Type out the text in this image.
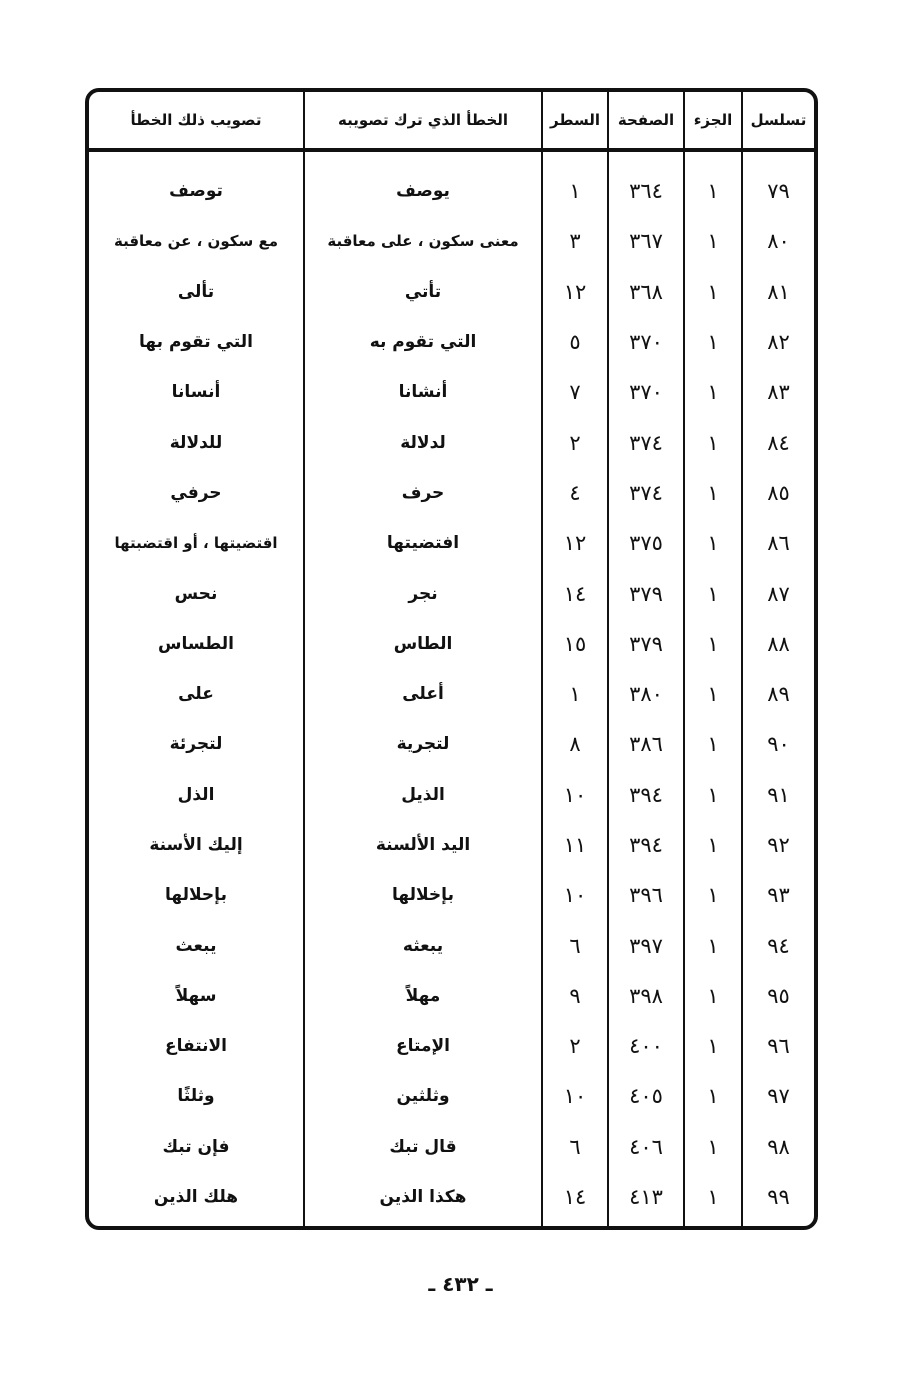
تسلسل	الجزء	الصفحة	السطر	الخطأ الذي ترك تصويبه	تصويب ذلك الخطأ

٧٩	١	٣٦٤	١	يوصف	توصف
٨٠	١	٣٦٧	٣	معنى سكون ، على معاقبة	مع سكون ، عن معاقبة
٨١	١	٣٦٨	١٢	تأتي	تألى
٨٢	١	٣٧٠	٥	التي تقوم به	التي تقوم بها
٨٣	١	٣٧٠	٧	أنشانا	أنسانا
٨٤	١	٣٧٤	٢	لدلالة	للدلالة
٨٥	١	٣٧٤	٤	حرف	حرفي
٨٦	١	٣٧٥	١٢	افتضيتها	اقتضيتها ، أو اقتضبتها
٨٧	١	٣٧٩	١٤	نجر	نحس
٨٨	١	٣٧٩	١٥	الطاس	الطساس
٨٩	١	٣٨٠	١	أعلى	على
٩٠	١	٣٨٦	٨	لتجرية	لتجرئة
٩١	١	٣٩٤	١٠	الذيل	الذل
٩٢	١	٣٩٤	١١	اليد الألسنة	إليك الأسنة
٩٣	١	٣٩٦	١٠	بإخلالها	بإحلالها
٩٤	١	٣٩٧	٦	يبعثه	يبعث
٩٥	١	٣٩٨	٩	مهلاً	سهلاً
٩٦	١	٤٠٠	٢	الإمتاع	الانتفاع
٩٧	١	٤٠٥	١٠	وثلثين	وثلثًا
٩٨	١	٤٠٦	٦	قال تبك	فإن تبك
٩٩	١	٤١٣	١٤	هكذا الذين	هلك الذين

ـ ٤٣٢ ـ
